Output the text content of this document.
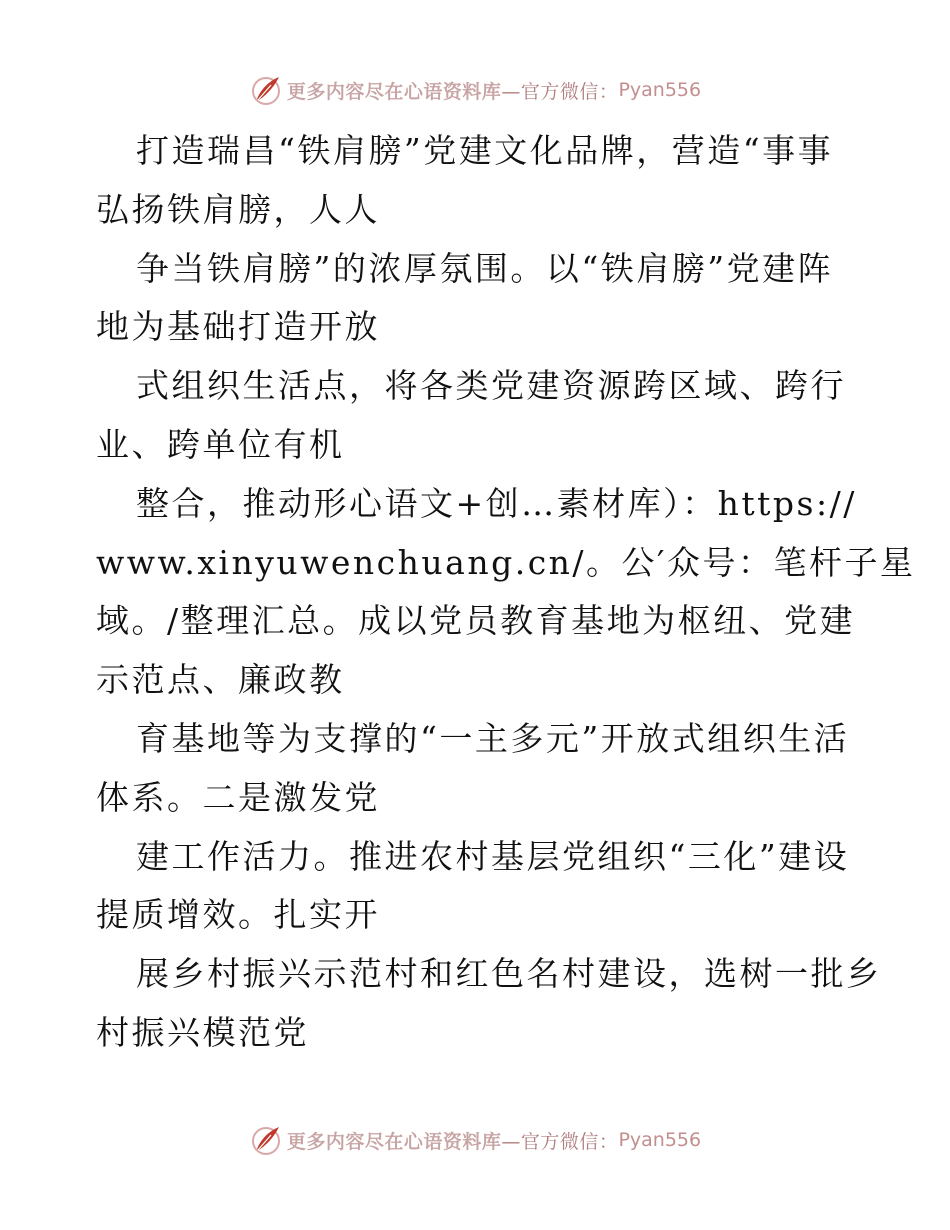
更多内容尽在心语资料库 —官方微信： Pyan556
打造瑞昌“铁肩膀”党建文化品牌，营造“事事
弘扬铁肩膀，人人
争当铁肩膀”的浓厚氛围。以“铁肩膀”党建阵
地为基础打造开放
式组织生活点，将各类党建资源跨区域、跨行
业、跨单位有机
整合，推动形心语文+创…素材库）：https://
www.xinyuwenchuang.cn/。公′众号：笔杆子星
域。/整理汇总。成以党员教育基地为枢纽、党建
示范点、廉政教
育基地等为支撑的“一主多元”开放式组织生活
体系。二是激发党
建工作活力。推进农村基层党组织“三化”建设
提质增效。扎实开
展乡村振兴示范村和红色名村建设，选树一批乡
村振兴模范党
更多内容尽在心语资料库 —官方微信： Pyan556
